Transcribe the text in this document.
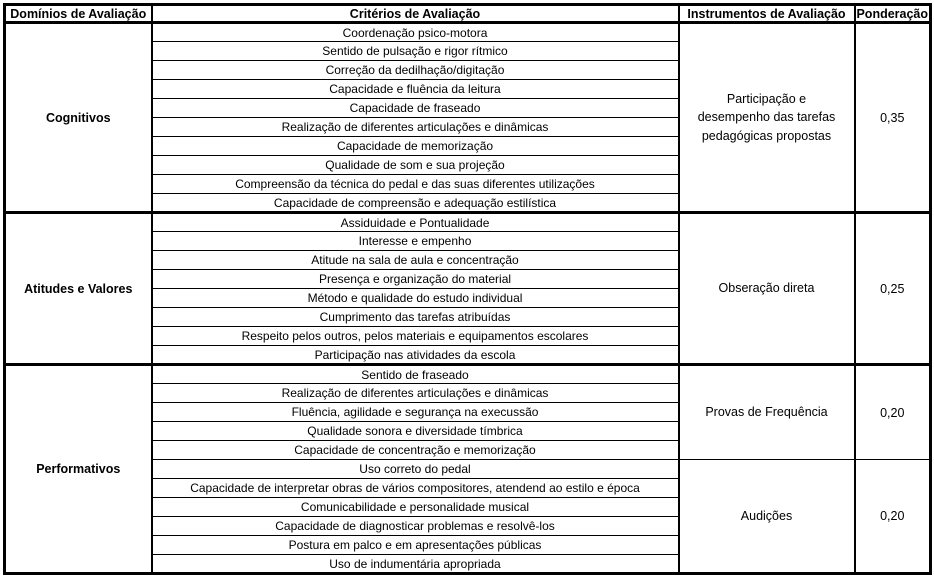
Domínios de Avaliação	Critérios de Avaliação	Instrumentos de Avaliação	Ponderação
Cognitivos	Coordenação psico-motora	Participação e desempenho das tarefas pedagógicas propostas	0,35
	Sentido de pulsação e rigor rítmico		
	Correção da dedilhação/digitação		
	Capacidade e fluência da leitura		
	Capacidade de fraseado		
	Realização de diferentes articulações e dinâmicas		
	Capacidade de memorização		
	Qualidade de som e sua projeção		
	Compreensão da técnica do pedal e das suas diferentes utilizações		
	Capacidade de compreensão e adequação estilística		
Atitudes e Valores	Assiduidade e Pontualidade	Obseração direta	0,25
	Interesse e empenho		
	Atitude na sala de aula e concentração		
	Presença e organização do material		
	Método e qualidade do estudo individual		
	Cumprimento das tarefas atribuídas		
	Respeito pelos outros, pelos materiais e equipamentos escolares		
	Participação nas atividades da escola		
Performativos	Sentido de fraseado	Provas de Frequência	0,20
	Realização de diferentes articulações e dinâmicas		
	Fluência, agilidade e segurança na execussão		
	Qualidade sonora e diversidade tímbrica		
	Capacidade de concentração e memorização		
	Uso correto do pedal	Audições	0,20
	Capacidade de interpretar obras de vários compositores, atendend ao estilo e época		
	Comunicabilidade e personalidade musical		
	Capacidade de diagnosticar problemas e resolvê-los		
	Postura em palco e em apresentações públicas		
	Uso de indumentária apropriada		
